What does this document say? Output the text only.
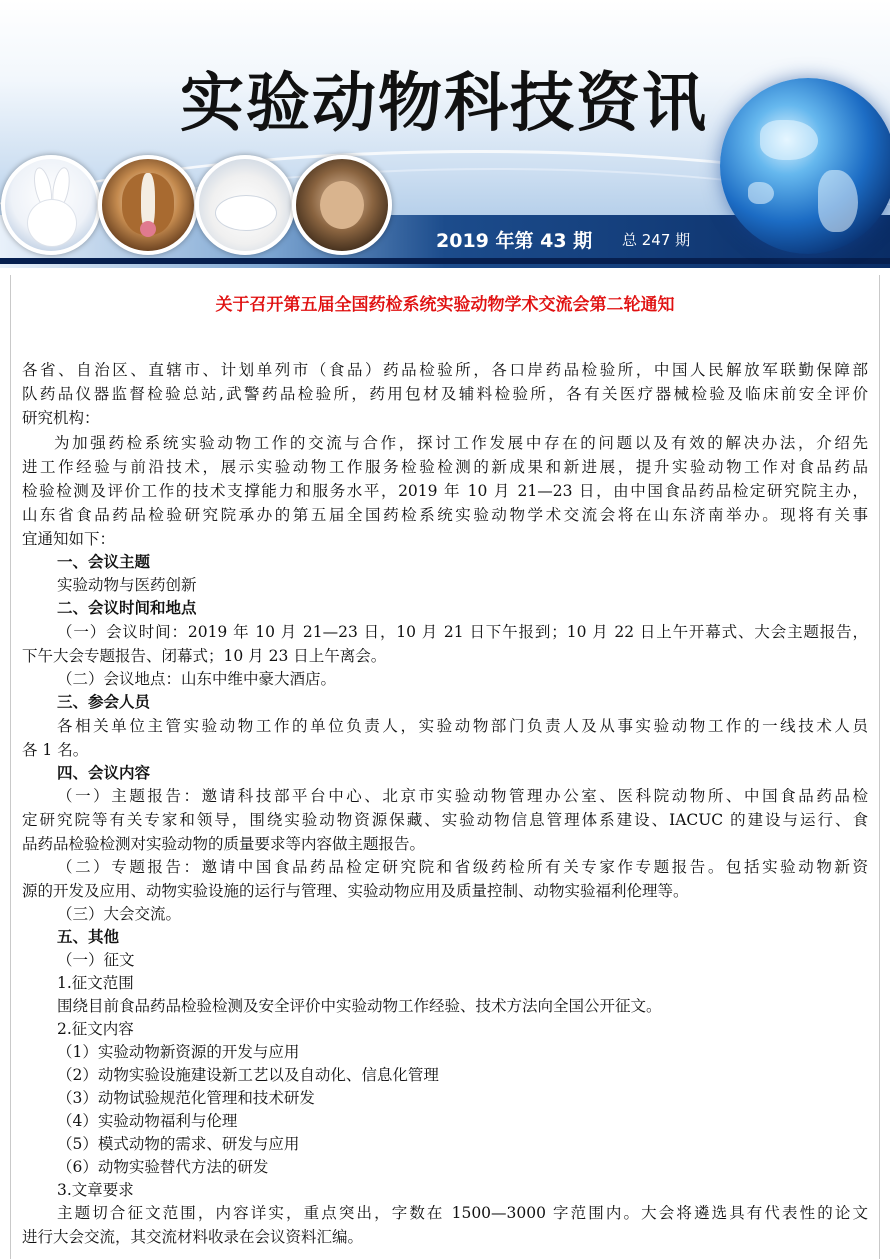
实验动物科技资讯
2019 年第 43 期 总 247 期
关于召开第五届全国药检系统实验动物学术交流会第二轮通知
各省、自治区、直辖市、计划单列市（食品）药品检验所，各口岸药品检验所，中国人民解放军联勤保障部
队药品仪器监督检验总站,武警药品检验所，药用包材及辅料检验所，各有关医疗器械检验及临床前安全评价
研究机构：
为加强药检系统实验动物工作的交流与合作，探讨工作发展中存在的问题以及有效的解决办法，介绍先
进工作经验与前沿技术，展示实验动物工作服务检验检测的新成果和新进展，提升实验动物工作对食品药品
检验检测及评价工作的技术支撑能力和服务水平，2019 年 10 月 21—23 日，由中国食品药品检定研究院主办，
山东省食品药品检验研究院承办的第五届全国药检系统实验动物学术交流会将在山东济南举办。现将有关事
宜通知如下：
一、会议主题
实验动物与医药创新
二、会议时间和地点
（一）会议时间：2019 年 10 月 21—23 日，10 月 21 日下午报到；10 月 22 日上午开幕式、大会主题报告，
下午大会专题报告、闭幕式；10 月 23 日上午离会。
（二）会议地点：山东中维中豪大酒店。
三、参会人员
各相关单位主管实验动物工作的单位负责人，实验动物部门负责人及从事实验动物工作的一线技术人员
各 1 名。
四、会议内容
（一）主题报告：邀请科技部平台中心、北京市实验动物管理办公室、医科院动物所、中国食品药品检
定研究院等有关专家和领导，围绕实验动物资源保藏、实验动物信息管理体系建设、IACUC 的建设与运行、食
品药品检验检测对实验动物的质量要求等内容做主题报告。
（二）专题报告：邀请中国食品药品检定研究院和省级药检所有关专家作专题报告。包括实验动物新资
源的开发及应用、动物实验设施的运行与管理、实验动物应用及质量控制、动物实验福利伦理等。
（三）大会交流。
五、其他
（一）征文
1.征文范围
围绕目前食品药品检验检测及安全评价中实验动物工作经验、技术方法向全国公开征文。
2.征文内容
（1）实验动物新资源的开发与应用
（2）动物实验设施建设新工艺以及自动化、信息化管理
（3）动物试验规范化管理和技术研发
（4）实验动物福利与伦理
（5）模式动物的需求、研发与应用
（6）动物实验替代方法的研发
3.文章要求
主题切合征文范围，内容详实，重点突出，字数在 1500—3000 字范围内。大会将遴选具有代表性的论文
进行大会交流，其交流材料收录在会议资料汇编。
